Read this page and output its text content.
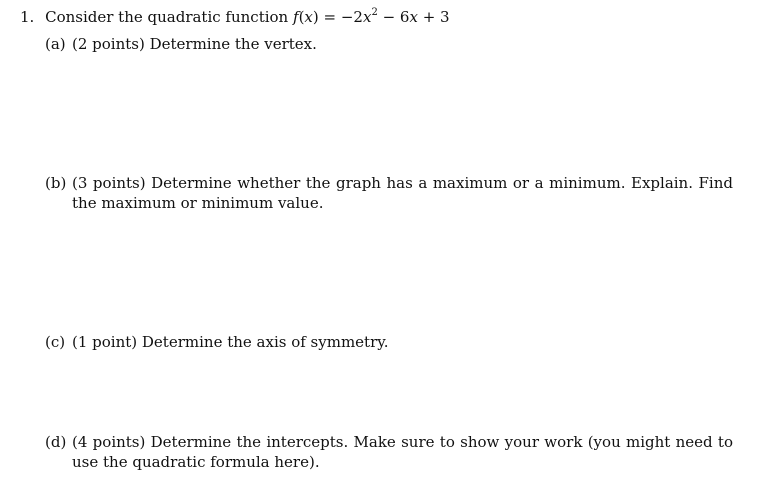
1. Consider the quadratic function $f(x) = -2x^2 - 6x + 3$
(a) (2 points) Determine the vertex.
(b) (3 points) Determine whether the graph has a maximum or a minimum. Explain. Find the maximum or minimum value.
(c) (1 point) Determine the axis of symmetry.
(d) (4 points) Determine the intercepts. Make sure to show your work (you might need to use the quadratic formula here).
